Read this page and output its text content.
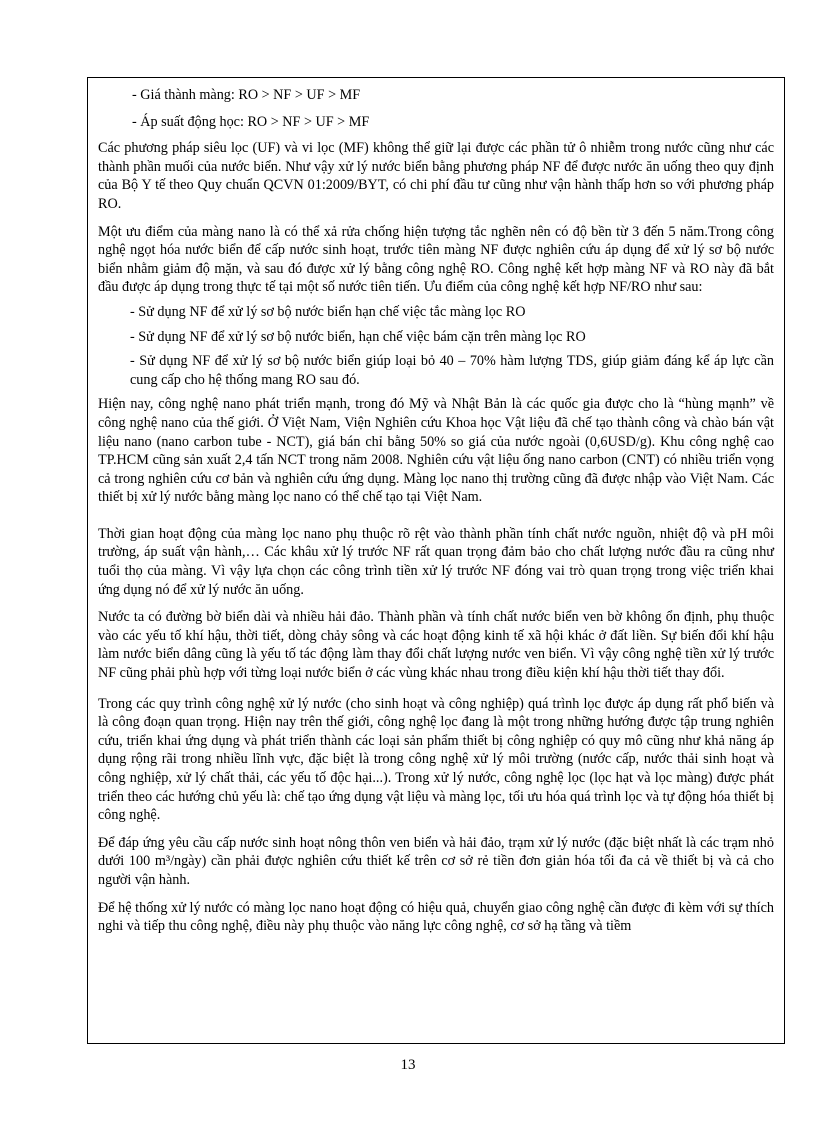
- Giá thành màng: RO > NF > UF > MF

- Áp suất động học: RO > NF > UF > MF

Các phương pháp siêu lọc (UF) và vi lọc (MF) không thể giữ lại được các phần tử ô nhiễm trong nước cũng như các thành phần muối của nước biển. Như vậy xử lý nước biển bằng phương pháp NF để được nước ăn uống theo quy định của Bộ Y tế theo Quy chuẩn QCVN 01:2009/BYT, có chi phí đầu tư cũng như vận hành thấp hơn so với phương pháp RO.

Một ưu điểm của màng nano là có thể xả rửa chống hiện tượng tắc nghẽn nên có độ bền từ 3 đến 5 năm.Trong công nghệ ngọt hóa nước biển để cấp nước sinh hoạt, trước tiên màng NF được nghiên cứu áp dụng để xử lý sơ bộ nước biển nhằm giảm độ mặn, và sau đó được xử lý bằng công nghệ RO. Công nghệ kết hợp màng NF và RO này đã bắt đầu được áp dụng trong thực tế tại một số nước tiên tiến. Ưu điểm của công nghệ kết hợp NF/RO như sau:

- Sử dụng NF để xử lý sơ bộ nước biển hạn chế việc tắc màng lọc RO

- Sử dụng NF để xử lý sơ bộ nước biển, hạn chế việc bám cặn trên màng lọc RO

- Sử dụng NF để xử lý sơ bộ nước biển giúp loại bỏ 40 – 70% hàm lượng TDS, giúp giảm đáng kể áp lực cần cung cấp cho hệ thống mang RO sau đó.

Hiện nay, công nghệ nano phát triển mạnh, trong đó Mỹ và Nhật Bản là các quốc gia được cho là “hùng mạnh” về công nghệ nano của thế giới. Ở Việt Nam, Viện Nghiên cứu Khoa học Vật liệu đã chế tạo thành công và chào bán vật liệu nano (nano carbon tube - NCT), giá bán chỉ bằng 50% so giá của nước ngoài (0,6USD/g). Khu công nghệ cao TP.HCM cũng sản xuất 2,4 tấn NCT trong năm 2008. Nghiên cứu vật liệu ống nano carbon (CNT) có nhiều triển vọng cả trong nghiên cứu cơ bản và nghiên cứu ứng dụng. Màng lọc nano thị trường cũng đã được nhập vào Việt Nam. Các thiết bị xử lý nước bằng màng lọc nano có thể chế tạo tại Việt Nam.

Thời gian hoạt động của màng lọc nano phụ thuộc rõ rệt vào thành phần tính chất nước nguồn, nhiệt độ và pH môi trường, áp suất vận hành,… Các khâu xử lý trước NF rất quan trọng đảm bảo cho chất lượng nước đầu ra cũng như tuổi thọ của màng. Vì vậy lựa chọn các công trình tiền xử lý trước NF đóng vai trò quan trọng trong việc triển khai ứng dụng nó để xử lý nước ăn uống.

Nước ta có đường bờ biển dài và nhiều hải đảo. Thành phần và tính chất nước biển ven bờ không ổn định, phụ thuộc vào các yếu tố khí hậu, thời tiết, dòng chảy sông và các hoạt động kinh tế xã hội khác ở đất liền. Sự biến đổi khí hậu làm nước biển dâng cũng là yếu tố tác động làm thay đổi chất lượng nước ven biển. Vì vậy công nghệ tiền xử lý trước NF cũng phải phù hợp với từng loại nước biển ở các vùng khác nhau trong điều kiện khí hậu thời tiết thay đổi.

Trong các quy trình công nghệ xử lý nước (cho sinh hoạt và công nghiệp) quá trình lọc được áp dụng rất phổ biến và là công đoạn quan trọng. Hiện nay trên thế giới, công nghệ lọc đang là một trong những hướng được tập trung nghiên cứu, triển khai ứng dụng và phát triển thành các loại sản phẩm thiết bị công nghiệp có quy mô cũng như khả năng áp dụng rộng rãi trong nhiều lĩnh vực, đặc biệt là trong công nghệ xử lý môi trường (nước cấp, nước thải sinh hoạt và công nghiệp, xử lý chất thải, các yếu tố độc hại...). Trong xử lý nước, công nghệ lọc (lọc hạt và lọc màng) được phát triển theo các hướng chủ yếu là: chế tạo ứng dụng vật liệu và màng lọc, tối ưu hóa quá trình lọc và tự động hóa thiết bị công nghệ.

Để đáp ứng yêu cầu cấp nước sinh hoạt nông thôn ven biển và hải đảo, trạm xử lý nước (đặc biệt nhất là các trạm nhỏ dưới 100 m³/ngày) cần phải được nghiên cứu thiết kế trên cơ sở rẻ tiền đơn giản hóa tối đa cả về thiết bị và cả cho người vận hành.

Để hệ thống xử lý nước có màng lọc nano hoạt động có hiệu quả, chuyển giao công nghệ cần được đi kèm với sự thích nghi và tiếp thu công nghệ, điều này phụ thuộc vào năng lực công nghệ, cơ sở hạ tầng và tiềm

13
